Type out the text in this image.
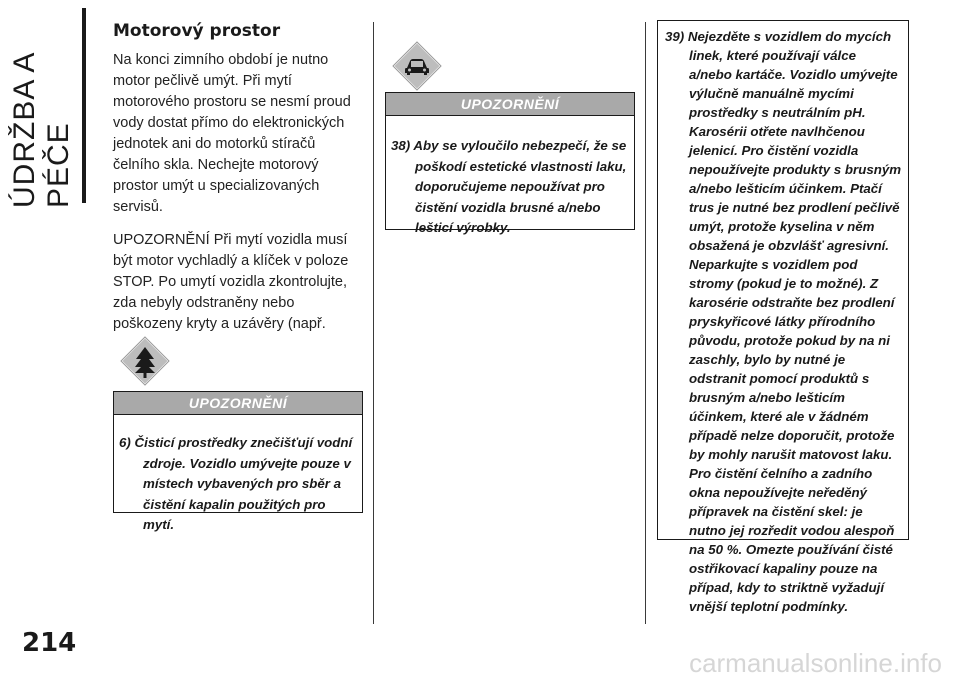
ÚDRŽBA A PÉČE
Motorový prostor

Na konci zimního období je nutno motor pečlivě umýt. Při mytí motorového prostoru se nesmí proud vody dostat přímo do elektronických jednotek ani do motorků stíračů čelního skla. Nechejte motorový prostor umýt u specializovaných servisů.

UPOZORNĚNÍ Při mytí vozidla musí být motor vychladlý a klíček v poloze STOP. Po umytí vozidla zkontrolujte, zda nebyly odstraněny nebo poškozeny kryty a uzávěry (např.

UPOZORNĚNÍ

6) Čisticí prostředky znečišťují vodní zdroje. Vozidlo umývejte pouze v místech vybavených pro sběr a čistění kapalin použitých pro mytí.

UPOZORNĚNÍ

38) Aby se vyloučilo nebezpečí, že se poškodí estetické vlastnosti laku, doporučujeme nepoužívat pro čistění vozidla brusné a/nebo lešticí výrobky.

39) Nejezděte s vozidlem do mycích linek, které používají válce a/nebo kartáče. Vozidlo umývejte výlučně manuálně mycími prostředky s neutrálním pH. Karosérii otřete navlhčenou jelenicí. Pro čistění vozidla nepoužívejte produkty s brusným a/nebo lešticím účinkem. Ptačí trus je nutné bez prodlení pečlivě umýt, protože kyselina v něm obsažená je obzvlášť agresivní. Neparkujte s vozidlem pod stromy (pokud je to možné). Z karosérie odstraňte bez prodlení pryskyřicové látky přírodního původu, protože pokud by na ni zaschly, bylo by nutné je odstranit pomocí produktů s brusným a/nebo lešticím účinkem, které ale v žádném případě nelze doporučit, protože by mohly narušit matovost laku. Pro čistění čelního a zadního okna nepoužívejte neředěný přípravek na čistění skel: je nutno jej rozředit vodou alespoň na 50 %. Omezte používání čisté ostřikovací kapaliny pouze na případ, kdy to striktně vyžadují vnější teplotní podmínky.

214
carmanualsonline.info
